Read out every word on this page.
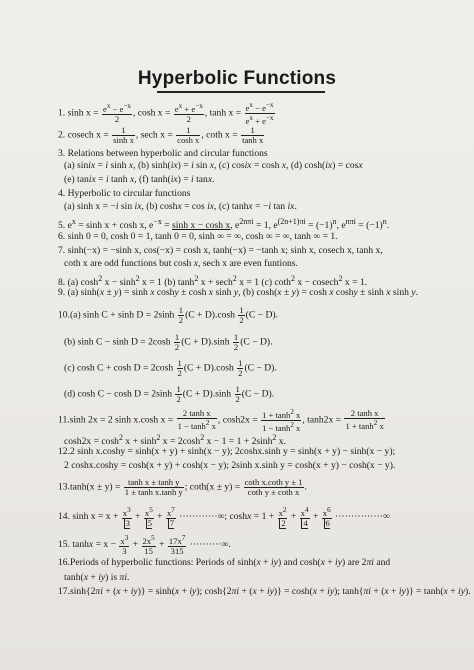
Hyperbolic Functions
1. $\sinh x = \frac{e^x - e^{-x}}{2}$ , $\cosh x = \frac{e^x + e^{-x}}{2}$ , $\tanh x = \frac{e^x - e^{-x}}{e^x + e^{-x}}$
2. cosech $x = \frac{1}{\text{sinh x}}$ , sech $x = \frac{1}{\text{cosh x}}$ , coth $x = \frac{1}{\text{tanh x}}$
3. Relations between hyperbolic and circular functions
(a) sinix = i sinh x, (b) sinh(ix) = i sin x, (c) cosix = cosh x, (d) cosh(ix) = cosx
(e) tanix = i tanh x, (f) tanh(ix) = i tanx.
4. Hyperbolic to circular functions
(a) sinh x = −i sin ix, (b) coshx = cos ix, (c) tanhx = −i tan ix.
5. $e^x = \sinh x + \cosh x$, $e^{-x} = \sinh x - \cosh x$, $e^{2n\pi i} = 1$, $e^{(2n+1)\pi i} = (-1)^n$, $e^{n\pi i} = (-1)^n$.
6. sinh 0 = 0, cosh 0 = 1, tanh 0 = 0, sinh ∞ = ∞, cosh ∞ = ∞, tanh ∞ = 1.
7. sinh(−x) = −sinh x, cos(−x) = cosh x, tanh(−x) = −tanh x; sinh x, cosech x, tanh x,
coth x are odd functions but cosh x, sech x are even funtions.
8. (a) $\cosh^2 x - \sinh^2 x = 1$ (b) $\tanh^2 x + \sec h^2$ x = 1 (c) coth$^2$ x − cosech$^2$ x = 1.
9. (a) sinh(x ± y) = sinh x coshy ± cosh x sinh y, (b) cosh(x ± y) = cosh x coshy ± sinh x sinh y.
10.(a) $\sinh C + \sinh D = 2\sinh \frac{1}{2} (C + D).\cosh \frac{1}{2} (C - D)$.
(b) $\sinh C - \sinh D = 2\cosh \frac{1}{2} (C + D).\sinh \frac{1}{2} (C - D)$.
(c) $\cosh C + \cosh D = 2\cosh \frac{1}{2} (C + D).\cosh \frac{1}{2} (C - D)$.
(d) $\cosh C - \cosh D = 2\sinh \frac{1}{2} (C + D).\sinh \frac{1}{2} (C - D)$.
11.sinh 2x = 2 sinh x.cosh $x = \frac{\text{2 tanh x}}{1 - \tanh^2 x}$ , $\cosh 2x = \frac{1 + \tanh^2 x}{1 - \tanh^2 x}$ , $\tanh 2x = \frac{\text{2 tanh x}}{1 + \tanh^2 x}$
$\cosh 2x = \cosh^2 x + \sinh^2 x = 2\cosh^2$ $x - 1 = 1 + 2\sinh^2$ x.
12.2 sinh x.coshy = sinh(x + y) + sinh(x − y); 2coshx.sinh y = sinh(x + y) − sinh(x − y);
2 coshx.coshy = cosh(x + y) + cosh(x − y); 2sinh x.sinh y = cosh(x + y) − cosh(x − y).
$13.\tanh(x \pm y) = \frac{\text{tanh x ± tanh y}}{\text{1 ± tanh x.tanh y}}$ ; $\cot h(x \pm y) = \frac{\text{coth x.coth y ± 1}}{\text{coth y ± coth x}}$ .
14. $\sinh x = x + \frac{x^3}{3} + \frac{x^5}{5} + \frac{x^7}{7}$ ············∞; $\cosh x = 1 + \frac{x^2}{2} + \frac{x^4}{4} + \frac{x^6}{6}$ ···············∞
15. $\tanh x = x - \frac{x^3}{3} + \frac{2x^5}{15} + \frac{17x^7}{315}$ ··········∞.
16.Periods of hyperbolic functions: Periods of sinh(x + iy) and cosh(x + iy) are 2πi and
tanh(x + iy) is πi.
17.sinh{2πi + (x + iy)} = sinh(x + iy); cosh{2πi + (x + iy)} = cosh(x + iy); tanh{πi + (x + iy)} = tanh(x + iy).
